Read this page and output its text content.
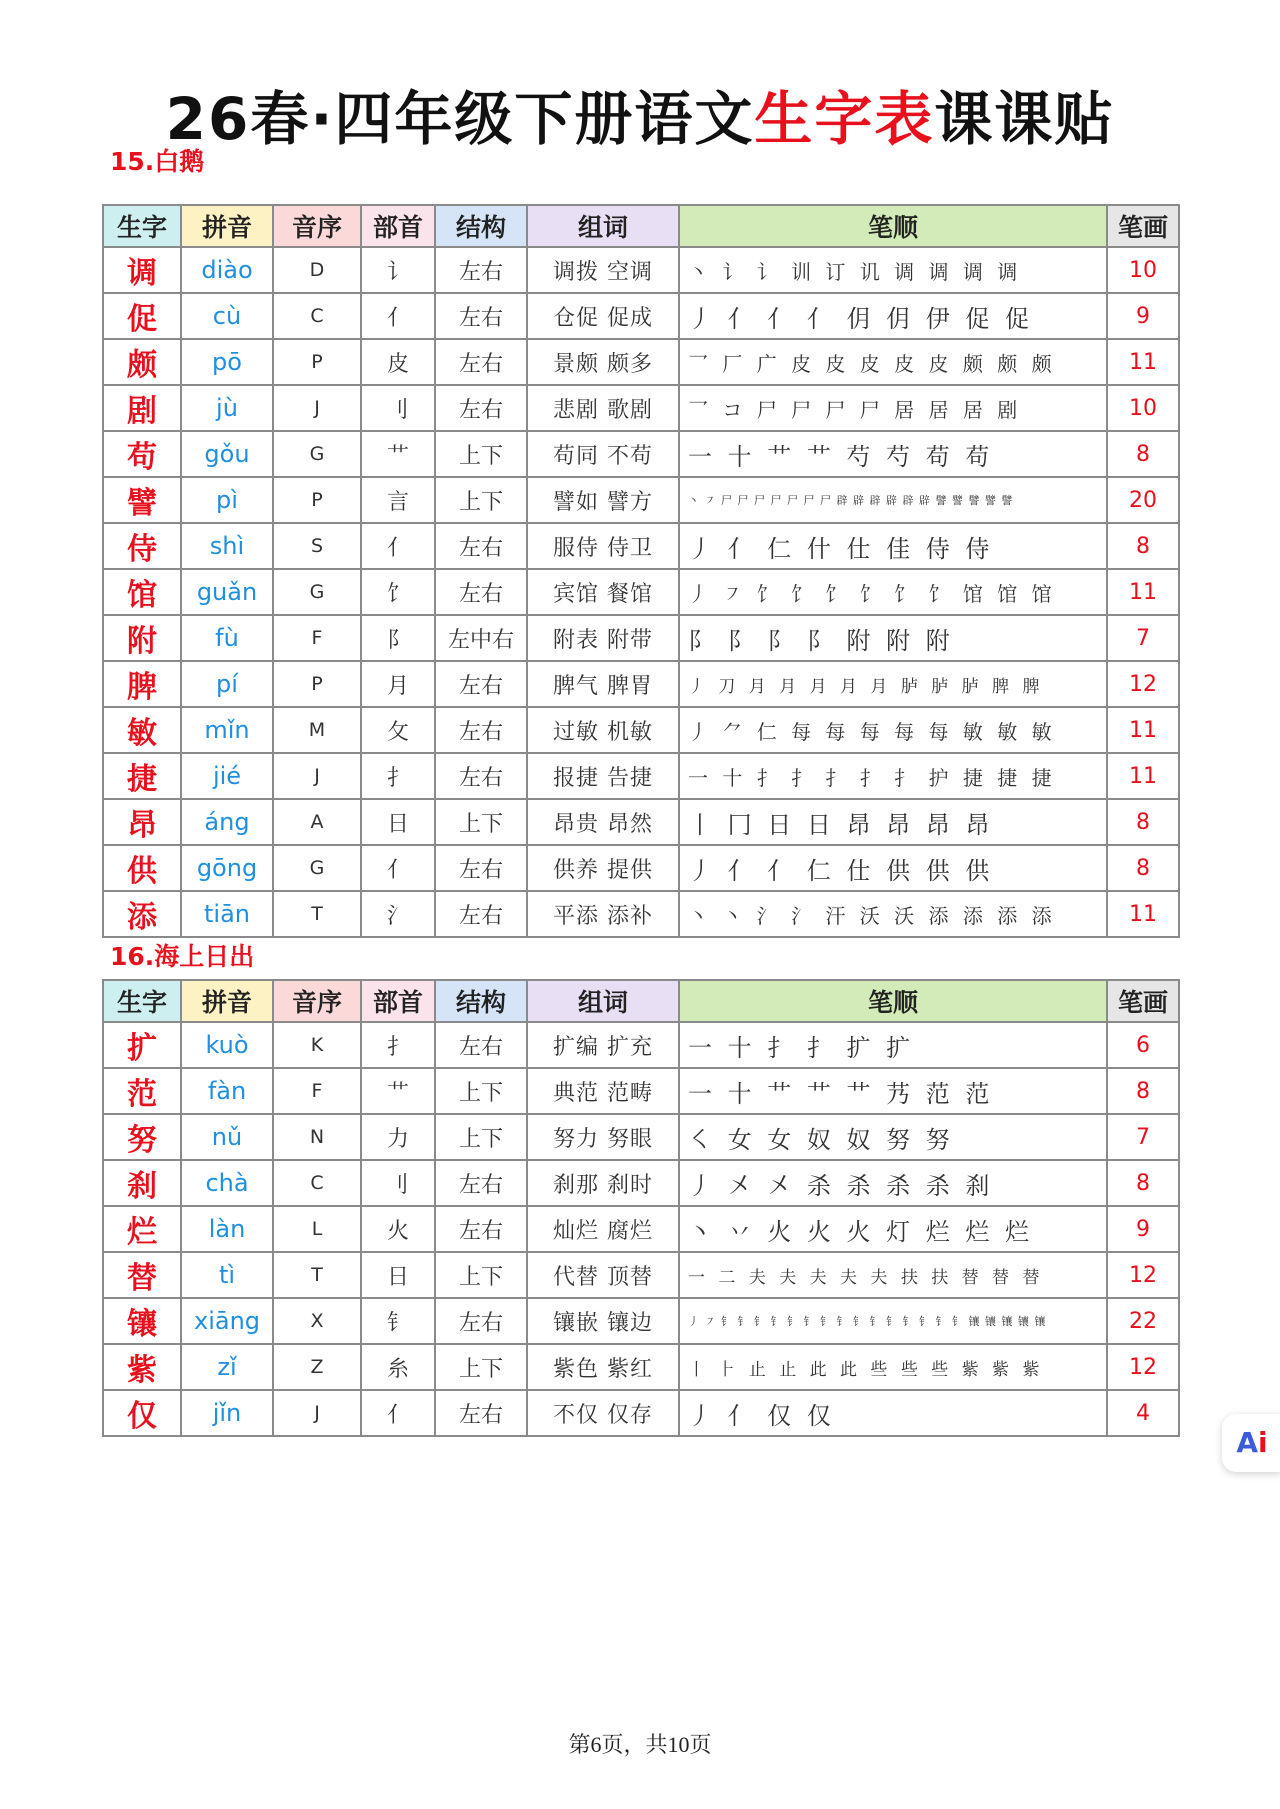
26春·四年级下册语文生字表课课贴
15.白鹅
生字	拼音	音序	部首	结构	组词	笔顺	笔画
调	diào	D	讠	左右	调拨 空调	丶 讠 讠 训 订 讥 调 调 调 调	10
促	cù	C	亻	左右	仓促 促成	丿 亻 亻 亻 仴 仴 伊 促 促	9
颇	pō	P	皮	左右	景颇 颇多	乛 厂 广 皮 皮 皮 皮 皮 颇 颇 颇	11
剧	jù	J	刂	左右	悲剧 歌剧	乛 コ 尸 尸 尸 尸 居 居 居 剧	10
苟	gǒu	G	艹	上下	苟同 不苟	一 十 艹 艹 芍 芍 苟 苟	8
譬	pì	P	言	上下	譬如 譬方	丶 ㇇ 尸 尸 尸 尸 尸 尸 尸 辟 辟 辟 辟 辟 辟 譬 譬 譬 譬 譬	20
侍	shì	S	亻	左右	服侍 侍卫	丿 亻 仁 什 仕 佳 侍 侍	8
馆	guǎn	G	饣	左右	宾馆 餐馆	丿 ㇇ 饣 饣 饣 饣 饣 饣 馆 馆 馆	11
附	fù	F	阝	左中右	附表 附带	阝 阝 阝 阝 附 附 附	7
脾	pí	P	月	左右	脾气 脾胃	丿 刀 月 月 月 月 月 胪 胪 胪 脾 脾	12
敏	mǐn	M	攵	左右	过敏 机敏	丿 ⺈ 仁 每 每 每 每 每 敏 敏 敏	11
捷	jié	J	扌	左右	报捷 告捷	一 十 扌 扌 扌 扌 扌 护 捷 捷 捷	11
昂	áng	A	日	上下	昂贵 昂然	丨 冂 日 日 昂 昂 昂 昂	8
供	gōng	G	亻	左右	供养 提供	丿 亻 亻 仁 仕 供 供 供	8
添	tiān	T	氵	左右	平添 添补	丶 丶 氵 氵 汗 沃 沃 添 添 添 添	11
16.海上日出
生字	拼音	音序	部首	结构	组词	笔顺	笔画
扩	kuò	K	扌	左右	扩编 扩充	一 十 扌 扌 扩 扩	6
范	fàn	F	艹	上下	典范 范畴	一 十 艹 艹 艹 艿 范 范	8
努	nǔ	N	力	上下	努力 努眼	㇛ 女 女 奴 奴 努 努	7
刹	chà	C	刂	左右	刹那 刹时	丿 㐅 㐅 杀 杀 杀 杀 刹	8
烂	làn	L	火	左右	灿烂 腐烂	丶 丷 火 火 火 灯 烂 烂 烂	9
替	tì	T	日	上下	代替 顶替	一 二 夫 夫 夫 夫 夫 扶 扶 替 替 替	12
镶	xiāng	X	钅	左右	镶嵌 镶边	丿 ㇇ 钅 钅 钅 钅 钅 钅 钅 钅 钅 钅 钅 钅 钅 钅 钅 镶 镶 镶 镶 镶	22
紫	zǐ	Z	糸	上下	紫色 紫红	丨 ⺊ 止 止 此 此 些 些 些 紫 紫 紫	12
仅	jǐn	J	亻	左右	不仅 仅存	丿 亻 仅 仅	4
第6页，共10页
Ai
